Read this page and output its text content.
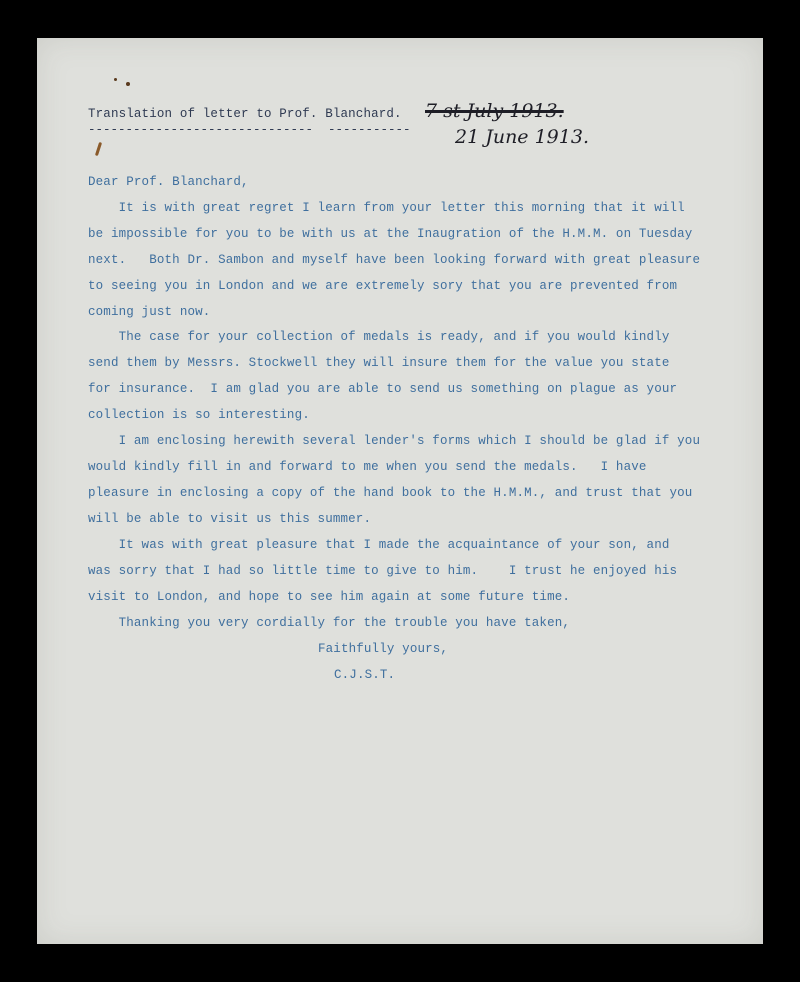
Translation of letter to Prof. Blanchard.
------------------------------  -----------
7 st July 1913.
21 June 1913.
Dear Prof. Blanchard,
It is with great regret I learn from your letter this morning that it will
be impossible for you to be with us at the Inaugration of the H.M.M. on Tuesday
next.   Both Dr. Sambon and myself have been looking forward with great pleasure
to seeing you in London and we are extremely sory that you are prevented from
coming just now.
The case for your collection of medals is ready, and if you would kindly
send them by Messrs. Stockwell they will insure them for the value you state
for insurance.  I am glad you are able to send us something on plague as your
collection is so interesting.
I am enclosing herewith several lender's forms which I should be glad if you
would kindly fill in and forward to me when you send the medals.   I have
pleasure in enclosing a copy of the hand book to the H.M.M., and trust that you
will be able to visit us this summer.
It was with great pleasure that I made the acquaintance of your son, and
was sorry that I had so little time to give to him.    I trust he enjoyed his
visit to London, and hope to see him again at some future time.
Thanking you very cordially for the trouble you have taken,
Faithfully yours,
C.J.S.T.
